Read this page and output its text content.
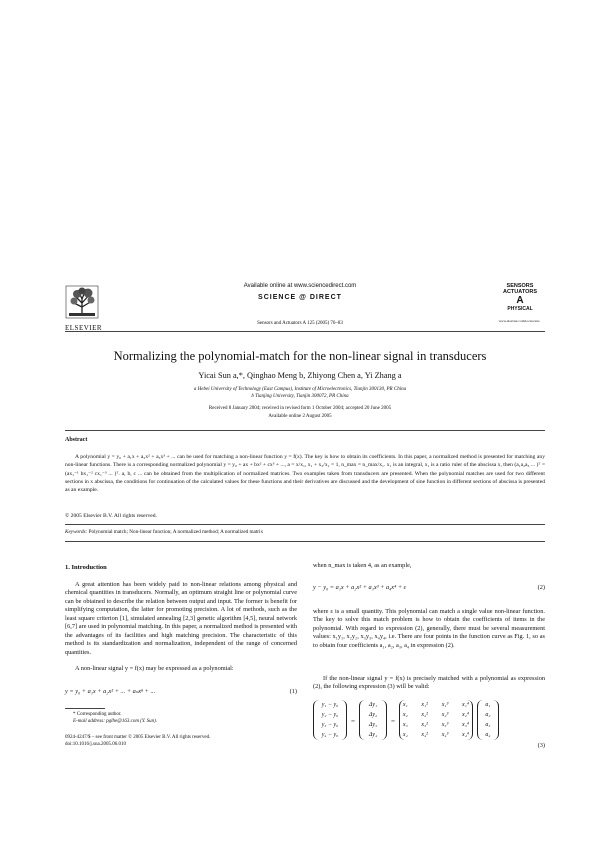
Available online at www.sciencedirect.com
SCIENCE @ DIRECT
ELSEVIER
Sensors and Actuators A 125 (2005) 76–83
SENSORS
ACTUATORS
A
PHYSICAL
www.elsevier.com/locate/sna
Normalizing the polynomial-match for the non-linear signal in transducers
Yicai Sun a,*, Qinghao Meng b, Zhiyong Chen a, Yi Zhang a
a Hebei University of Technology (East Campus), Institute of Microelectronics, Tianjin 300130, PR China
b Tianjing University, Tianjin 300072, PR China
Received 8 January 2004; received in revised form 1 October 2004; accepted 20 June 2005
Available online 2 August 2005
Abstract
A polynomial y = y₀ + a₁x + a₂x² + a₃x³ + ... can be used for matching a non-linear function y = f(x). The key is how to obtain its coefficients. In this paper, a normalized method is presented for matching any non-linear functions. There is a corresponding normalized polynomial y = y₀ + ax + bx² + cx³ + ..., a = x/x₁, x₁ + x₂/x₁ = 1, n_max = n_max/x₁. x₁ is an integral, x₁ is a ratio ruler of the abscissa x, then (a₁a₂a₃ ... )ᵀ = (ax₁⁻¹ bx₁⁻² cx₁⁻³ ... )ᵀ. a, b, c ... can be obtained from the multiplication of normalized matrices. Two examples taken from transducers are presented. When the polynomial matches are used for two different sections in x abscissa, the conditions for continuation of the calculated values for these functions and their derivatives are discussed and the development of sine function in different sections of abscissa is presented as an example.
© 2005 Elsevier B.V. All rights reserved.
Keywords: Polynomial match; Non-linear function; A normalized method; A normalized matrix
1. Introduction
A great attention has been widely paid to non-linear relations among physical and chemical quantities in transducers. Normally, an optimum straight line or polynomial curve can be obtained to describe the relation between output and input. The former is benefit for simplifying computation, the latter for promoting precision. A lot of methods, such as the least square criterion [1], simulated annealing [2,3] genetic algorithm [4,5], neural network [6,7] are used in polynomial matching. In this paper, a normalized method is presented with the advantages of its facilities and high matching precision. The characteristic of this method is its standardization and normalization, independent of the range of concerned quantities.
A non-linear signal y = f(x) may be expressed as a polynomial:
y = y₀ + a₁x + a₂x² + ... + aₙxⁿ + ...	(1)
* Corresponding author.
E-mail address: pglhe@163.com (Y. Sun).
0924-4247/$ – see front matter © 2005 Elsevier B.V. All rights reserved.
doi:10.1016/j.sna.2005.06.010
when n_max is taken 4, as an example,
y − y₀ = a₁x + a₂x² + a₃x³ + a₄x⁴ + ε	(2)
where ε is a small quantity. This polynomial can match a single value non-linear function. The key to solve this match problem is how to obtain the coefficients of items in the polynomial. With regard to expression (2), generally, there must be several measurement values: x₁y₁, x₂y₂, x₃y₃, x₄y₄, i.e. There are four points in the function curve as Fig. 1, so as to obtain four coefficients a₁, a₂, a₃, a₄ in expression (2).
If the non-linear signal y = f(x) is precisely matched with a polynomial as expression (2), the following expression (3) will be valid:
y₁ − y₀
y₂ − y₀
y₃ − y₀
y₄ − y₀
=
Δy₁
Δy₂
Δy₃
Δy₄
=
x₁ x₁² x₁³ x₁⁴
x₂ x₂² x₂³ x₂⁴
x₃ x₃² x₃³ x₃⁴
x₄ x₄² x₄³ x₄⁴

a₁
a₂
a₃
a₄
(3)
